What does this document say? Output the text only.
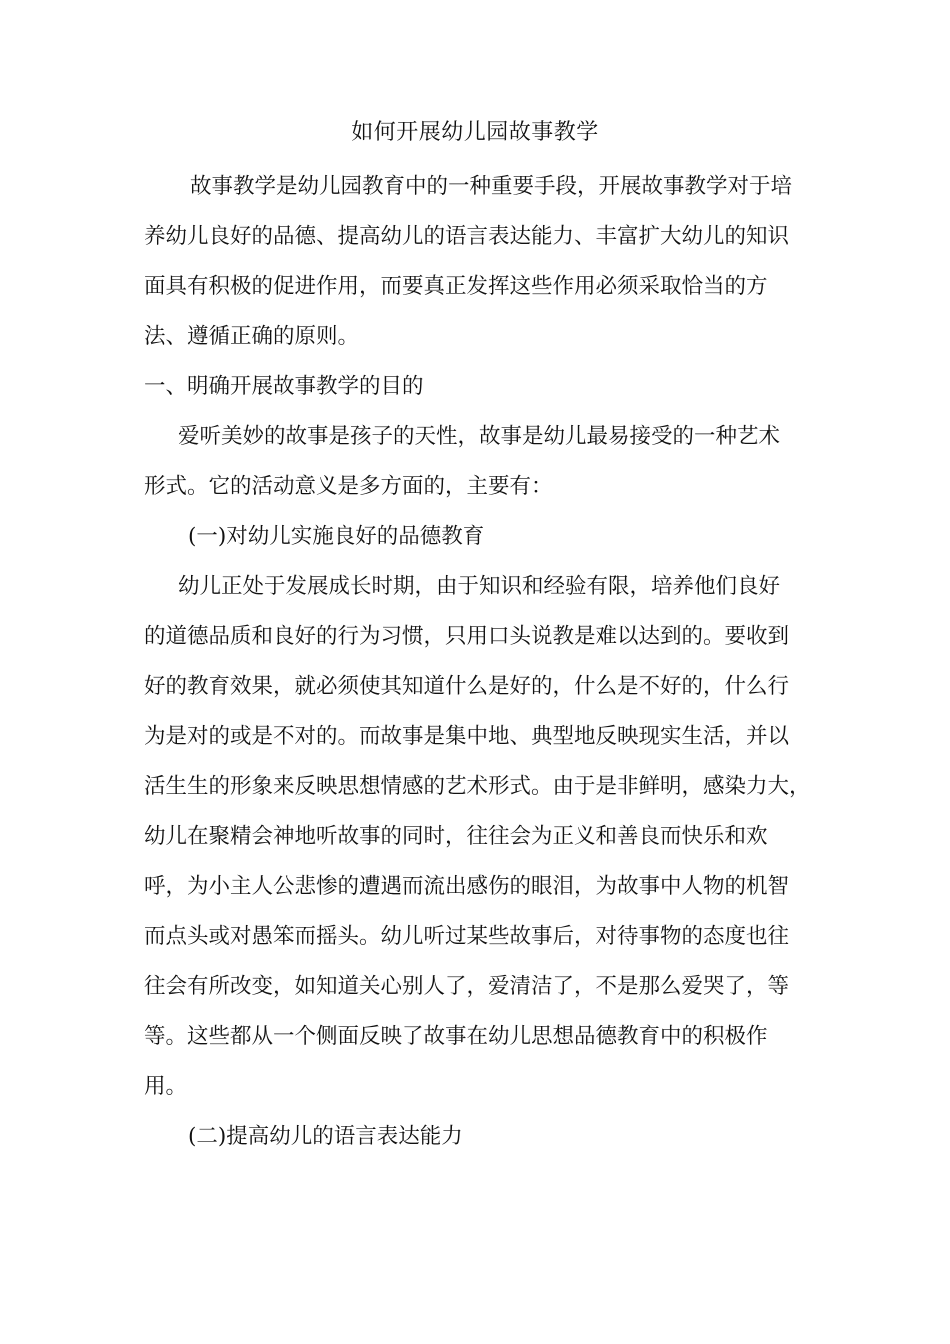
如何开展幼儿园故事教学
故事教学是幼儿园教育中的一种重要手段，开展故事教学对于培
养幼儿良好的品德、提高幼儿的语言表达能力、丰富扩大幼儿的知识
面具有积极的促进作用，而要真正发挥这些作用必须采取恰当的方
法、遵循正确的原则。
一、明确开展故事教学的目的
爱听美妙的故事是孩子的天性，故事是幼儿最易接受的一种艺术
形式。它的活动意义是多方面的，主要有：
(一)对幼儿实施良好的品德教育
幼儿正处于发展成长时期，由于知识和经验有限，培养他们良好
的道德品质和良好的行为习惯，只用口头说教是难以达到的。要收到
好的教育效果，就必须使其知道什么是好的，什么是不好的，什么行
为是对的或是不对的。而故事是集中地、典型地反映现实生活，并以
活生生的形象来反映思想情感的艺术形式。由于是非鲜明，感染力大，
幼儿在聚精会神地听故事的同时，往往会为正义和善良而快乐和欢
呼，为小主人公悲惨的遭遇而流出感伤的眼泪，为故事中人物的机智
而点头或对愚笨而摇头。幼儿听过某些故事后，对待事物的态度也往
往会有所改变，如知道关心别人了，爱清洁了，不是那么爱哭了，等
等。这些都从一个侧面反映了故事在幼儿思想品德教育中的积极作
用。
(二)提高幼儿的语言表达能力
